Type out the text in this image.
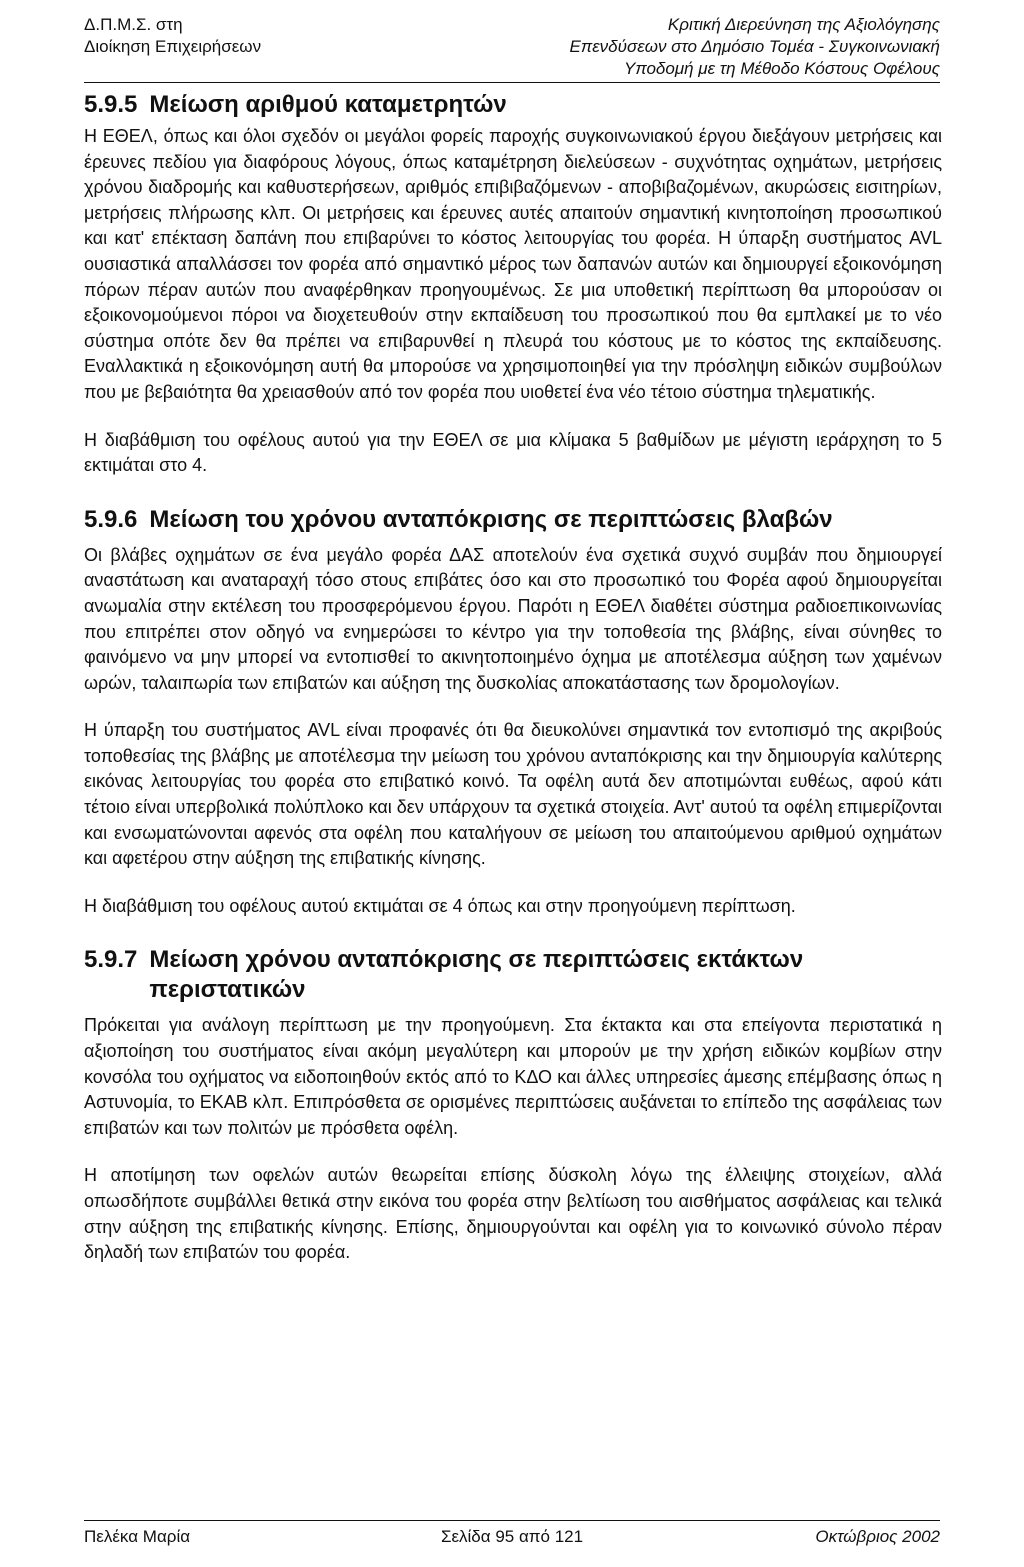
Δ.Π.Μ.Σ. στη
Διοίκηση Επιχειρήσεων
Κριτική Διερεύνηση της Αξιολόγησης
Επενδύσεων στο Δημόσιο Τομέα - Συγκοινωνιακή
Υποδομή με τη Μέθοδο Κόστους Οφέλους
5.9.5 Μείωση αριθμού καταμετρητών

Η ΕΘΕΛ, όπως και όλοι σχεδόν οι μεγάλοι φορείς παροχής συγκοινωνιακού έργου διεξάγουν μετρήσεις και έρευνες πεδίου για διαφόρους λόγους, όπως καταμέτρηση διελεύσεων - συχνότητας οχημάτων, μετρήσεις χρόνου διαδρομής και καθυστερήσεων, αριθμός επιβιβαζόμενων - αποβιβαζομένων, ακυρώσεις εισιτηρίων, μετρήσεις πλήρωσης κλπ. Οι μετρήσεις και έρευνες αυτές απαιτούν σημαντική κινητοποίηση προσωπικού και κατ' επέκταση δαπάνη που επιβαρύνει το κόστος λειτουργίας του φορέα. Η ύπαρξη συστήματος AVL ουσιαστικά απαλλάσσει τον φορέα από σημαντικό μέρος των δαπανών αυτών και δημιουργεί εξοικονόμηση πόρων πέραν αυτών που αναφέρθηκαν προηγουμένως. Σε μια υποθετική περίπτωση θα μπορούσαν οι εξοικονομούμενοι πόροι να διοχετευθούν στην εκπαίδευση του προσωπικού που θα εμπλακεί με το νέο σύστημα οπότε δεν θα πρέπει να επιβαρυνθεί η πλευρά του κόστους με το κόστος της εκπαίδευσης. Εναλλακτικά η εξοικονόμηση αυτή θα μπορούσε να χρησιμοποιηθεί για την πρόσληψη ειδικών συμβούλων που με βεβαιότητα θα χρειασθούν από τον φορέα που υιοθετεί ένα νέο τέτοιο σύστημα τηλεματικής.

Η διαβάθμιση του οφέλους αυτού για την ΕΘΕΛ σε μια κλίμακα 5 βαθμίδων με μέγιστη ιεράρχηση το 5 εκτιμάται στο 4.

5.9.6 Μείωση του χρόνου ανταπόκρισης σε περιπτώσεις βλαβών

Οι βλάβες οχημάτων σε ένα μεγάλο φορέα ΔΑΣ αποτελούν ένα σχετικά συχνό συμβάν που δημιουργεί αναστάτωση και αναταραχή τόσο στους επιβάτες όσο και στο προσωπικό του Φορέα αφού δημιουργείται ανωμαλία στην εκτέλεση του προσφερόμενου έργου. Παρότι η ΕΘΕΛ διαθέτει σύστημα ραδιοεπικοινωνίας που επιτρέπει στον οδηγό να ενημερώσει το κέντρο για την τοποθεσία της βλάβης, είναι σύνηθες το φαινόμενο να μην μπορεί να εντοπισθεί το ακινητοποιημένο όχημα με αποτέλεσμα αύξηση των χαμένων ωρών, ταλαιπωρία των επιβατών και αύξηση της δυσκολίας αποκατάστασης των δρομολογίων.

Η ύπαρξη του συστήματος AVL είναι προφανές ότι θα διευκολύνει σημαντικά τον εντοπισμό της ακριβούς τοποθεσίας της βλάβης με αποτέλεσμα την μείωση του χρόνου ανταπόκρισης και την δημιουργία καλύτερης εικόνας λειτουργίας του φορέα στο επιβατικό κοινό. Τα οφέλη αυτά δεν αποτιμώνται ευθέως, αφού κάτι τέτοιο είναι υπερβολικά πολύπλοκο και δεν υπάρχουν τα σχετικά στοιχεία. Αντ' αυτού τα οφέλη επιμερίζονται και ενσωματώνονται αφενός στα οφέλη που καταλήγουν σε μείωση του απαιτούμενου αριθμού οχημάτων και αφετέρου στην αύξηση της επιβατικής κίνησης.

Η διαβάθμιση του οφέλους αυτού εκτιμάται σε 4 όπως και στην προηγούμενη περίπτωση.

5.9.7 Μείωση χρόνου ανταπόκρισης σε περιπτώσεις εκτάκτων περιστατικών

Πρόκειται για ανάλογη περίπτωση με την προηγούμενη. Στα έκτακτα και στα επείγοντα περιστατικά η αξιοποίηση του συστήματος είναι ακόμη μεγαλύτερη και μπορούν με την χρήση ειδικών κομβίων στην κονσόλα του οχήματος να ειδοποιηθούν εκτός από το ΚΔΟ και άλλες υπηρεσίες άμεσης επέμβασης όπως η Αστυνομία, το ΕΚΑΒ κλπ. Επιπρόσθετα σε ορισμένες περιπτώσεις αυξάνεται το επίπεδο της ασφάλειας των επιβατών και των πολιτών με πρόσθετα οφέλη.

Η αποτίμηση των οφελών αυτών θεωρείται επίσης δύσκολη λόγω της έλλειψης στοιχείων, αλλά οπωσδήποτε συμβάλλει θετικά στην εικόνα του φορέα στην βελτίωση του αισθήματος ασφάλειας και τελικά στην αύξηση της επιβατικής κίνησης. Επίσης, δημιουργούνται και οφέλη για το κοινωνικό σύνολο πέραν δηλαδή των επιβατών του φορέα.

Πελέκα Μαρία	Σελίδα 95 από 121	Οκτώβριος 2002
